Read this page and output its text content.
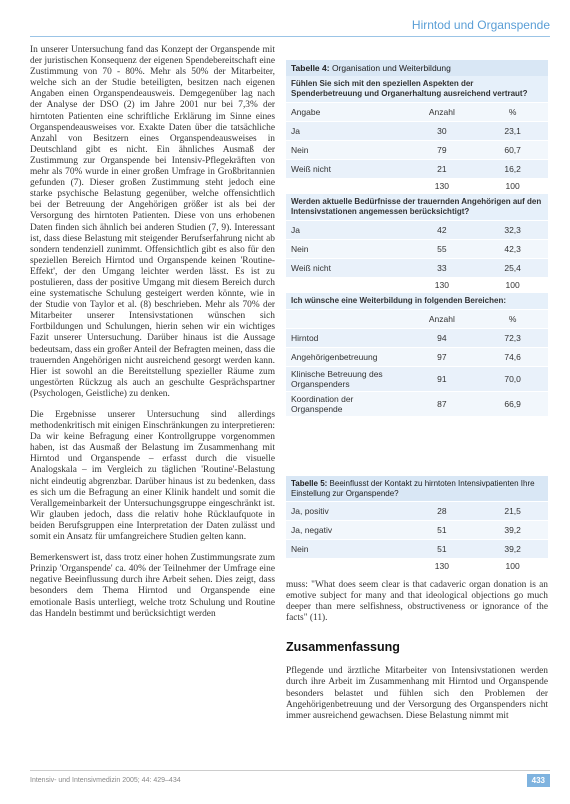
Hirntod und Organspende

In unserer Untersuchung fand das Konzept der Organspende mit der juristischen Konsequenz der eigenen Spendebereitschaft eine Zustimmung von 70 - 80%. Mehr als 50% der Mitarbeiter, welche sich an der Studie beteiligten, besitzen nach eigenen Angaben einen Organspendeausweis. Demgegenüber lag nach der Analyse der DSO (2) im Jahre 2001 nur bei 7,3% der hirntoten Patienten eine schriftliche Erklärung im Sinne eines Organspendeausweises vor. Exakte Daten über die tatsächliche Anzahl von Besitzern eines Organspendeausweises in Deutschland gibt es nicht. Ein ähnliches Ausmaß der Zustimmung zur Organspende bei Intensiv-Pflegekräften von mehr als 70% wurde in einer großen Umfrage in Großbritannien gefunden (7). Dieser großen Zustimmung steht jedoch eine starke psychische Belastung gegenüber, welche offensichtlich bei der Betreuung der Angehörigen größer ist als bei der Versorgung des hirntoten Patienten. Diese von uns erhobenen Daten finden sich ähnlich bei anderen Studien (7, 9). Interessant ist, dass diese Belastung mit steigender Berufserfahrung nicht ab sondern tendenziell zunimmt. Offensichtlich gibt es also für den speziellen Bereich Hirntod und Organspende keinen 'Routine-Effekt', der den Umgang leichter werden lässt. Es ist zu postulieren, dass der positive Umgang mit diesem Bereich durch eine systematische Schulung gesteigert werden könnte, wie in der Studie von Taylor et al. (8) beschrieben. Mehr als 70% der Mitarbeiter unserer Intensivstationen wünschen sich Fortbildungen und Schulungen, hierin sehen wir ein wichtiges Fazit unserer Untersuchung. Darüber hinaus ist die Aussage bedeutsam, dass ein großer Anteil der Befragten meinen, dass die trauernden Angehörigen nicht ausreichend gesorgt werden kann. Hier ist sowohl an die Bereitstellung spezieller Räume zum ungestörten Rückzug als auch an geschulte Gesprächspartner (Psychologen, Geistliche) zu denken.

Die Ergebnisse unserer Untersuchung sind allerdings methodenkritisch mit einigen Einschränkungen zu interpretieren: Da wir keine Befragung einer Kontrollgruppe vorgenommen haben, ist das Ausmaß der Belastung im Zusammenhang mit Hirntod und Organspende – erfasst durch die visuelle Analogskala – im Vergleich zu täglichen 'Routine'-Belastung nicht eindeutig abgrenzbar. Darüber hinaus ist zu bedenken, dass es sich um die Befragung an einer Klinik handelt und somit die Verallgemeinbarkeit der Untersuchungsgruppe eingeschränkt ist. Wir glauben jedoch, dass die relativ hohe Rücklaufquote in beiden Berufsgruppen eine Interpretation der Daten zulässt und somit ein Ansatz für umfangreichere Studien gelten kann.

Bemerkenswert ist, dass trotz einer hohen Zustimmungsrate zum Prinzip 'Organspende' ca. 40% der Teilnehmer der Umfrage eine negative Beeinflussung durch ihre Arbeit sehen. Dies zeigt, dass besonders dem Thema Hirntod und Organspende eine emotionale Basis unterliegt, welche trotz Schulung und Routine das Handeln bestimmt und berücksichtigt werden

Tabelle 4: Organisation und Weiterbildung
Fühlen Sie sich mit den speziellen Aspekten der Spenderbetreuung und Organerhaltung ausreichend vertraut?		
Angabe	Anzahl	%
Ja	30	23,1
Nein	79	60,7
Weiß nicht	21	16,2
	130	100
Werden aktuelle Bedürfnisse der trauernden Angehörigen auf den Intensivstationen angemessen berücksichtigt?		
Ja	42	32,3
Nein	55	42,3
Weiß nicht	33	25,4
	130	100
Ich wünsche eine Weiterbildung in folgenden Bereichen:		
	Anzahl	%
Hirntod	94	72,3
Angehörigenbetreuung	97	74,6
Klinische Betreuung des Organspenders	91	70,0
Koordination der Organspende	87	66,9
Tabelle 5: Beeinflusst der Kontakt zu hirntoten Intensivpatienten Ihre Einstellung zur Organspende?
Ja, positiv	28	21,5
Ja, negativ	51	39,2
Nein	51	39,2
	130	100

muss: "What does seem clear is that cadaveric organ donation is an emotive subject for many and that ideological objections go much deeper than mere selfishness, obstructiveness or ignorance of the facts" (11).

Zusammenfassung

Pflegende und ärztliche Mitarbeiter von Intensivstationen werden durch ihre Arbeit im Zusammenhang mit Hirntod und Organspende besonders belastet und fühlen sich den Problemen der Angehörigenbetreuung und der Versorgung des Organspenders nicht immer ausreichend gewachsen. Diese Belastung nimmt mit

Intensiv- und Intensivmedizin 2005; 44: 429–434	433
